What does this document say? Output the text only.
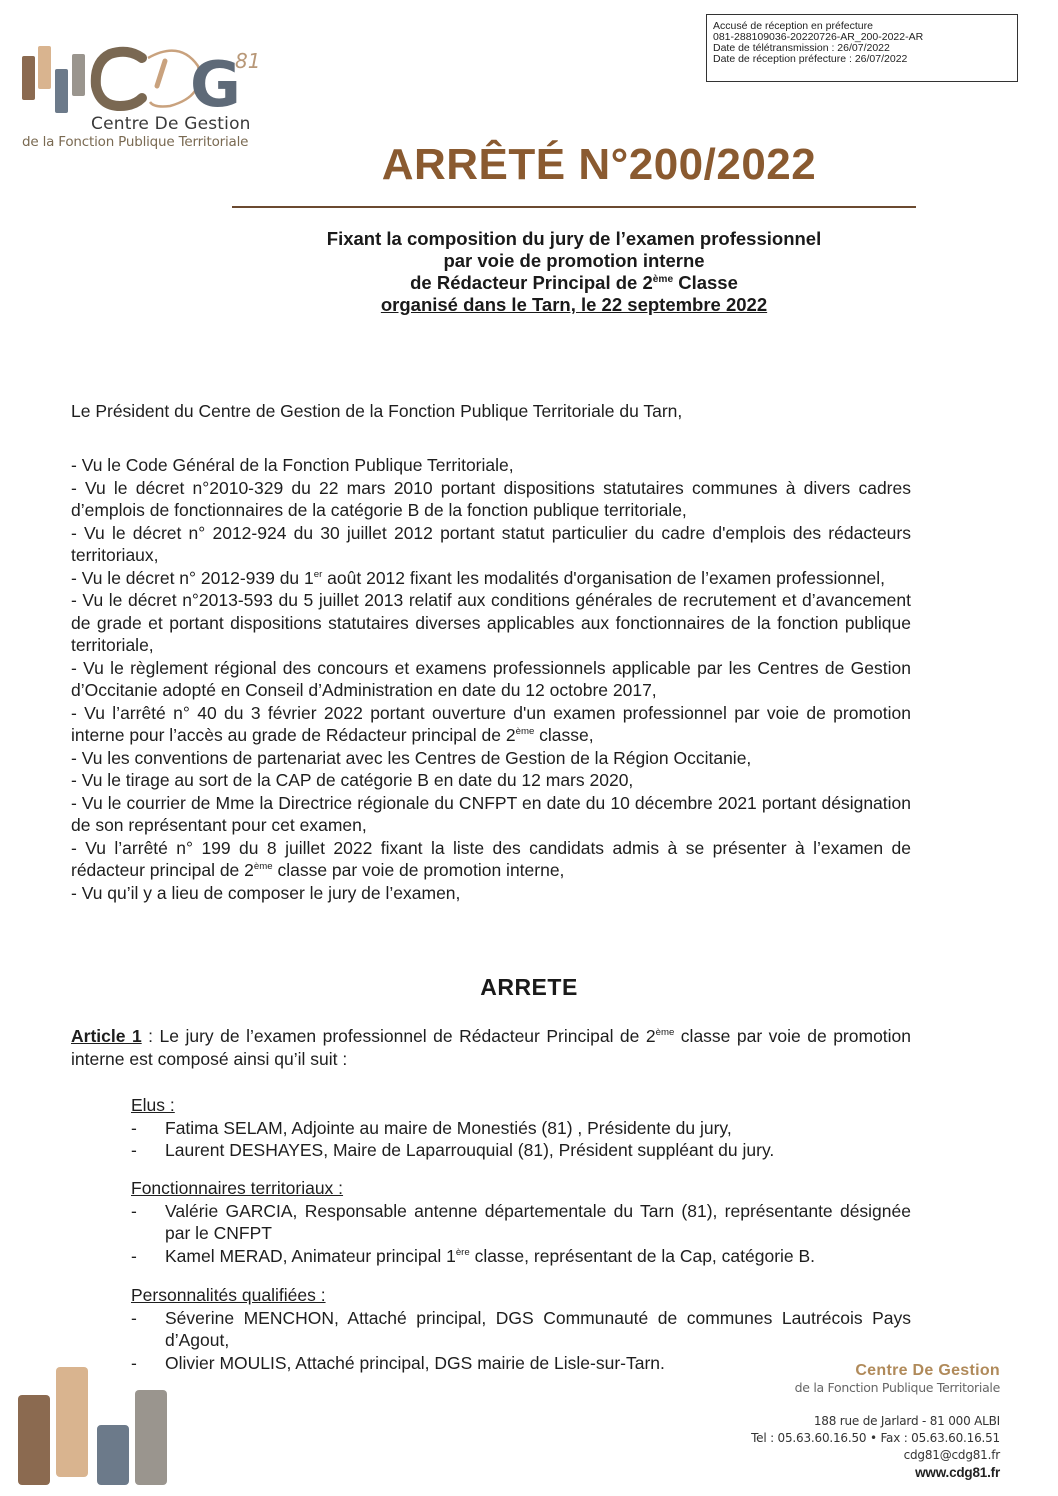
G
81
Centre De Gestion
de la Fonction Publique Territoriale
Accusé de réception en préfecture
081-288109036-20220726-AR_200-2022-AR
Date de télétransmission : 26/07/2022
Date de réception préfecture : 26/07/2022
ARRÊTÉ N°200/2022
Fixant la composition du jury de l’examen professionnel
par voie de promotion interne
de Rédacteur Principal de 2ème Classe
organisé dans le Tarn, le 22 septembre 2022
Le Président du Centre de Gestion de la Fonction Publique Territoriale du Tarn,

- Vu le Code Général de la Fonction Publique Territoriale,

- Vu le décret n°2010-329 du 22 mars 2010 portant dispositions statutaires communes à divers cadres d’emplois de fonctionnaires de la catégorie B de la fonction publique territoriale,

- Vu le décret n° 2012-924 du 30 juillet 2012 portant statut particulier du cadre d'emplois des rédacteurs territoriaux,

- Vu le décret n° 2012-939 du 1er août 2012 fixant les modalités d'organisation de l’examen professionnel,

- Vu le décret n°2013-593 du 5 juillet 2013 relatif aux conditions générales de recrutement et d’avancement de grade et portant dispositions statutaires diverses applicables aux fonctionnaires de la fonction publique territoriale,

- Vu le règlement régional des concours et examens professionnels applicable par les Centres de Gestion d’Occitanie adopté en Conseil d’Administration en date du 12 octobre 2017,

- Vu l’arrêté n° 40 du 3 février 2022 portant ouverture d'un examen professionnel par voie de promotion interne pour l’accès au grade de Rédacteur principal de 2ème classe,

- Vu les conventions de partenariat avec les Centres de Gestion de la Région Occitanie,

- Vu le tirage au sort de la CAP de catégorie B en date du 12 mars 2020,

- Vu le courrier de Mme la Directrice régionale du CNFPT en date du 10 décembre 2021 portant désignation de son représentant pour cet examen,

- Vu l’arrêté n° 199 du 8 juillet 2022 fixant la liste des candidats admis à se présenter à l’examen de rédacteur principal de 2ème classe par voie de promotion interne,

- Vu qu’il y a lieu de composer le jury de l’examen,

ARRETE
Article 1 : Le jury de l’examen professionnel de Rédacteur Principal de 2ème classe par voie de promotion interne est composé ainsi qu’il suit :
Elus :
-	Fatima SELAM, Adjointe au maire de Monestiés (81) , Présidente du jury,
-	Laurent DESHAYES, Maire de Laparrouquial (81), Président suppléant du jury.
Fonctionnaires territoriaux :
-	Valérie GARCIA, Responsable antenne départementale du Tarn (81), représentante désignée par le CNFPT
-	Kamel MERAD, Animateur principal 1ère classe, représentant de la Cap, catégorie B.
Personnalités qualifiées :
-	Séverine MENCHON, Attaché principal, DGS Communauté de communes Lautrécois Pays d’Agout,
-	Olivier MOULIS, Attaché principal, DGS mairie de Lisle-sur-Tarn.	Centre De Gestion
de la Fonction Publique Territoriale
188 rue de Jarlard - 81 000 ALBI
Tel : 05.63.60.16.50 • Fax : 05.63.60.16.51
cdg81@cdg81.fr
www.cdg81.fr
